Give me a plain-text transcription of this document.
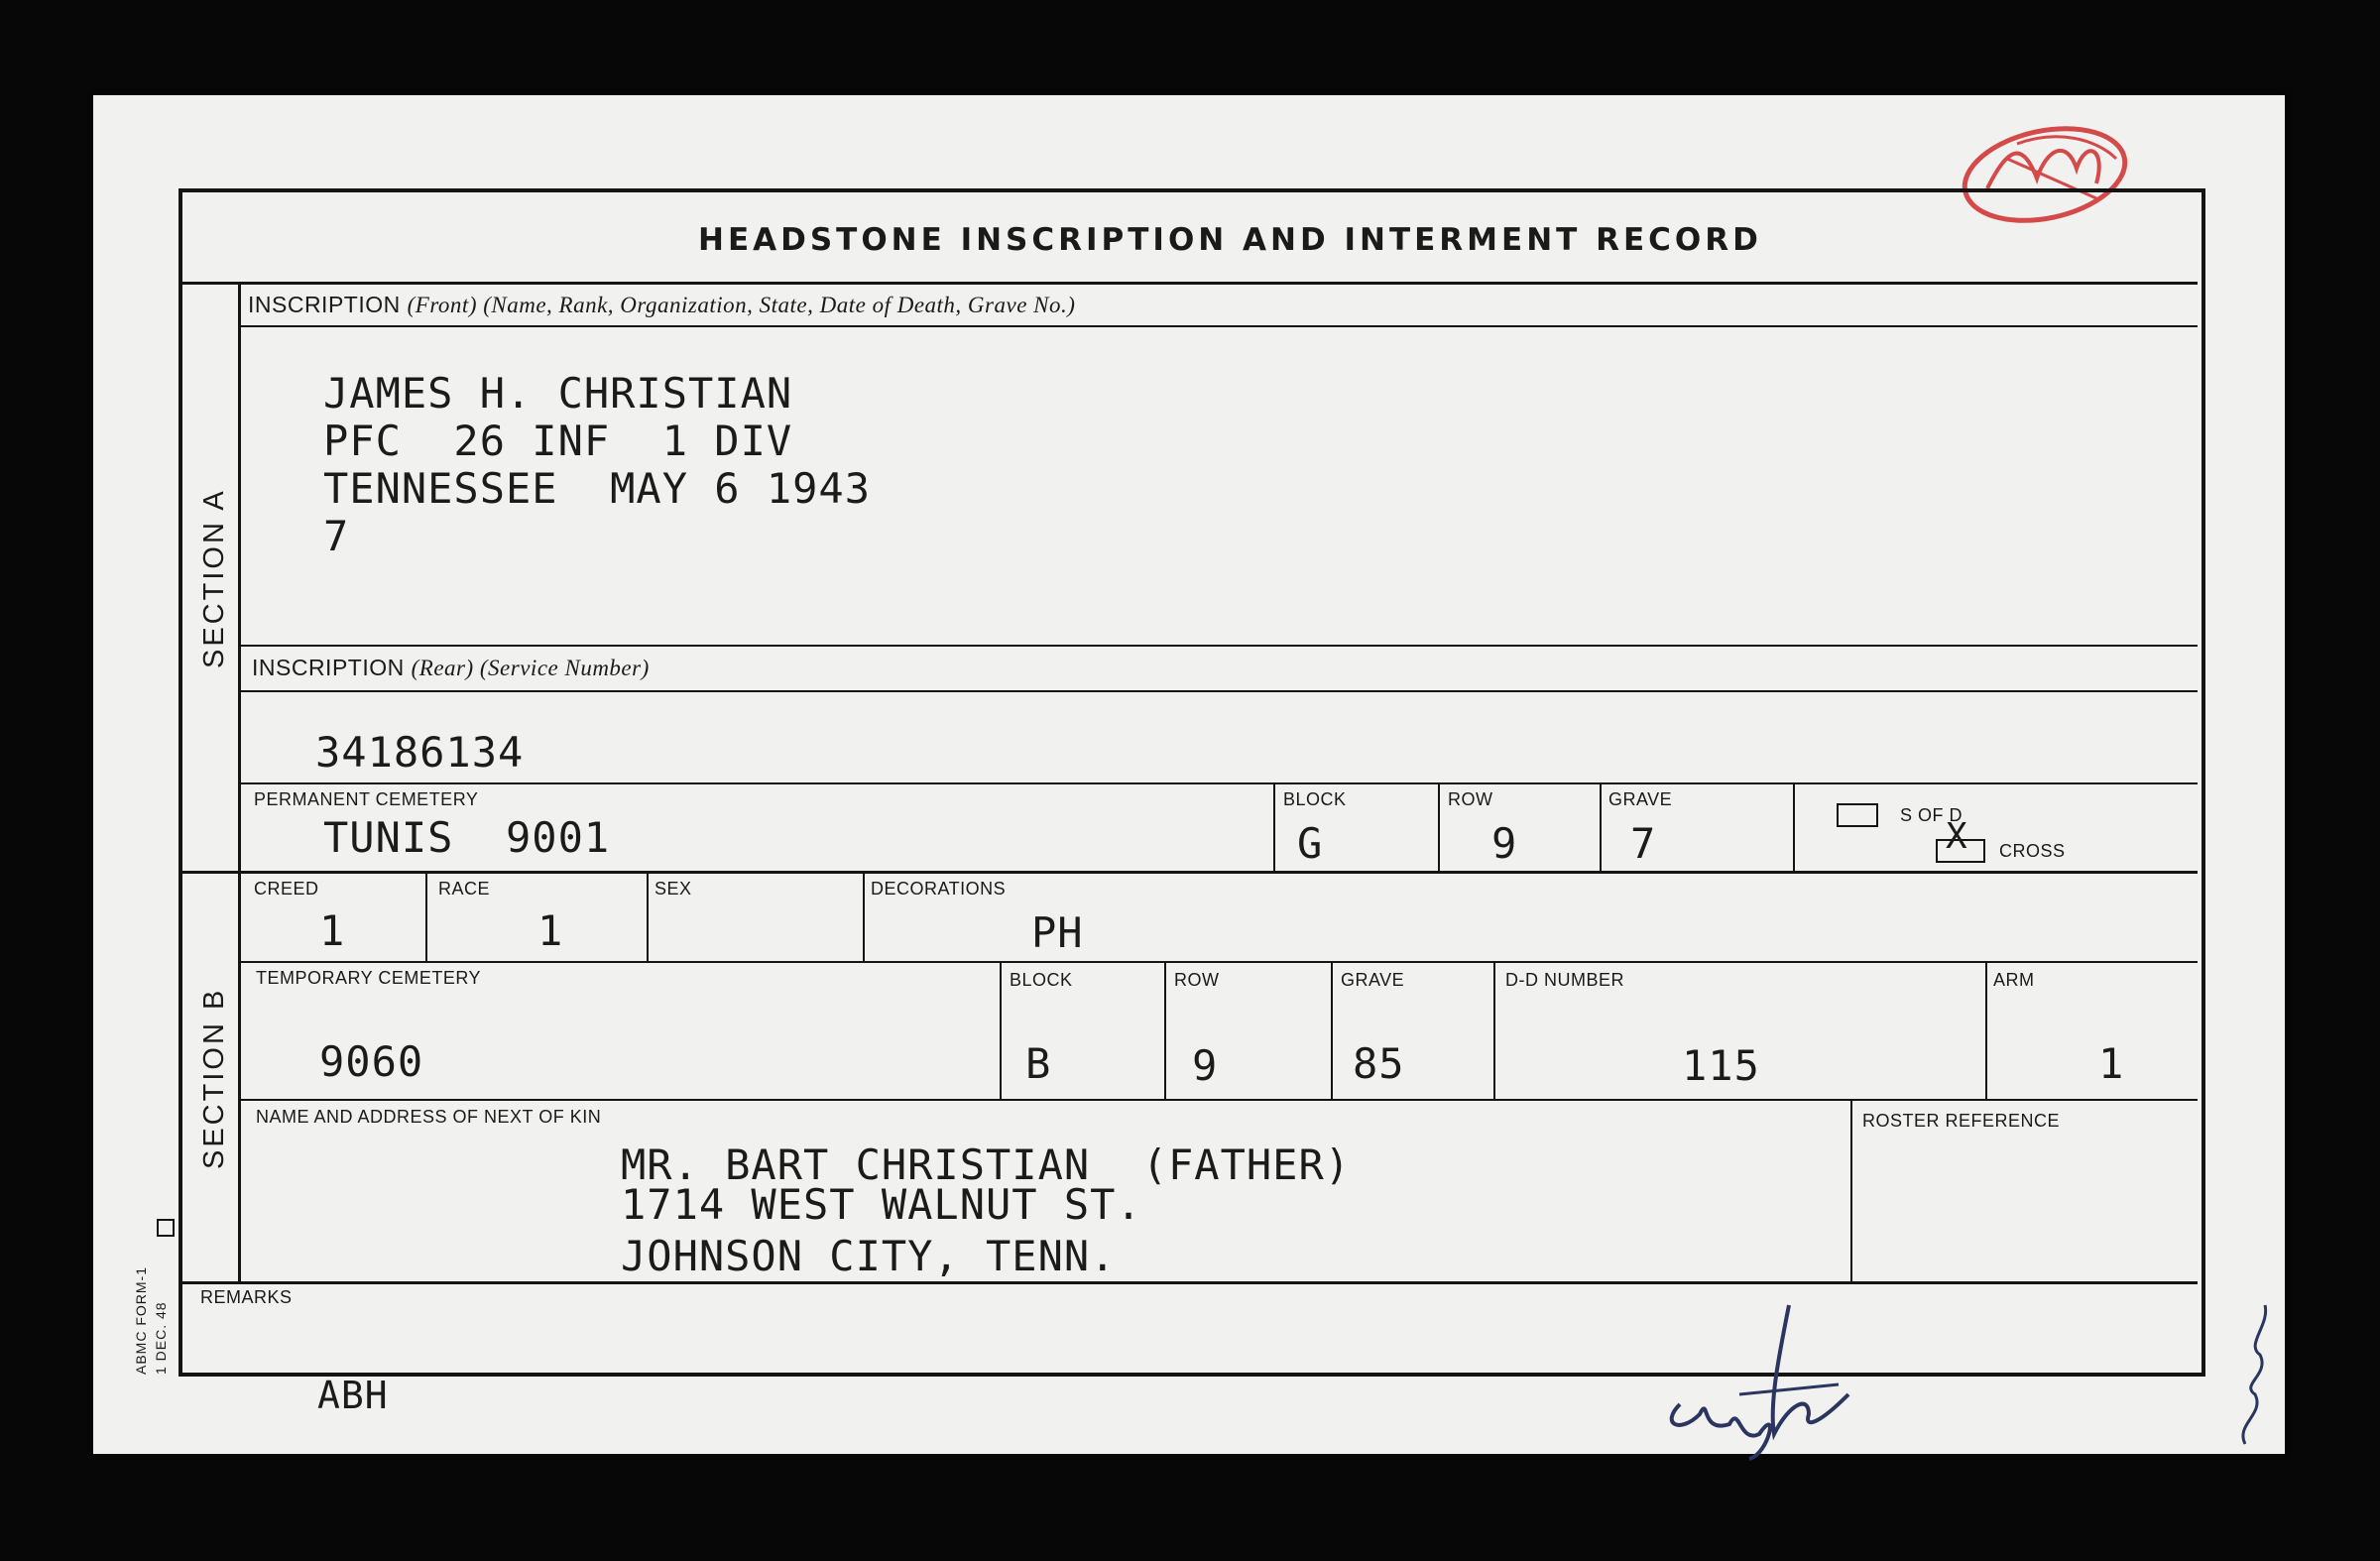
HEADSTONE INSCRIPTION AND INTERMENT RECORD
SECTION A
SECTION B
ABMC FORM-1 1 DEC. 48
INSCRIPTION (Front) (Name, Rank, Organization, State, Date of Death, Grave No.)
JAMES H. CHRISTIAN
PFC  26 INF  1 DIV
TENNESSEE  MAY 6 1943
7
INSCRIPTION (Rear) (Service Number)
34186134
PERMANENT CEMETERY
TUNIS  9001
BLOCK
G
ROW
9
GRAVE
7
S OF D
X CROSS
CREED
1
RACE
1
SEX	DECORATIONS
PH
TEMPORARY CEMETERY
9060
BLOCK
B
ROW
9
GRAVE
85
D-D NUMBER
115
ARM
1
NAME AND ADDRESS OF NEXT OF KIN
MR. BART CHRISTIAN  (FATHER)
1714 WEST WALNUT ST.
JOHNSON CITY, TENN.
ROSTER REFERENCE
REMARKS
ABH
